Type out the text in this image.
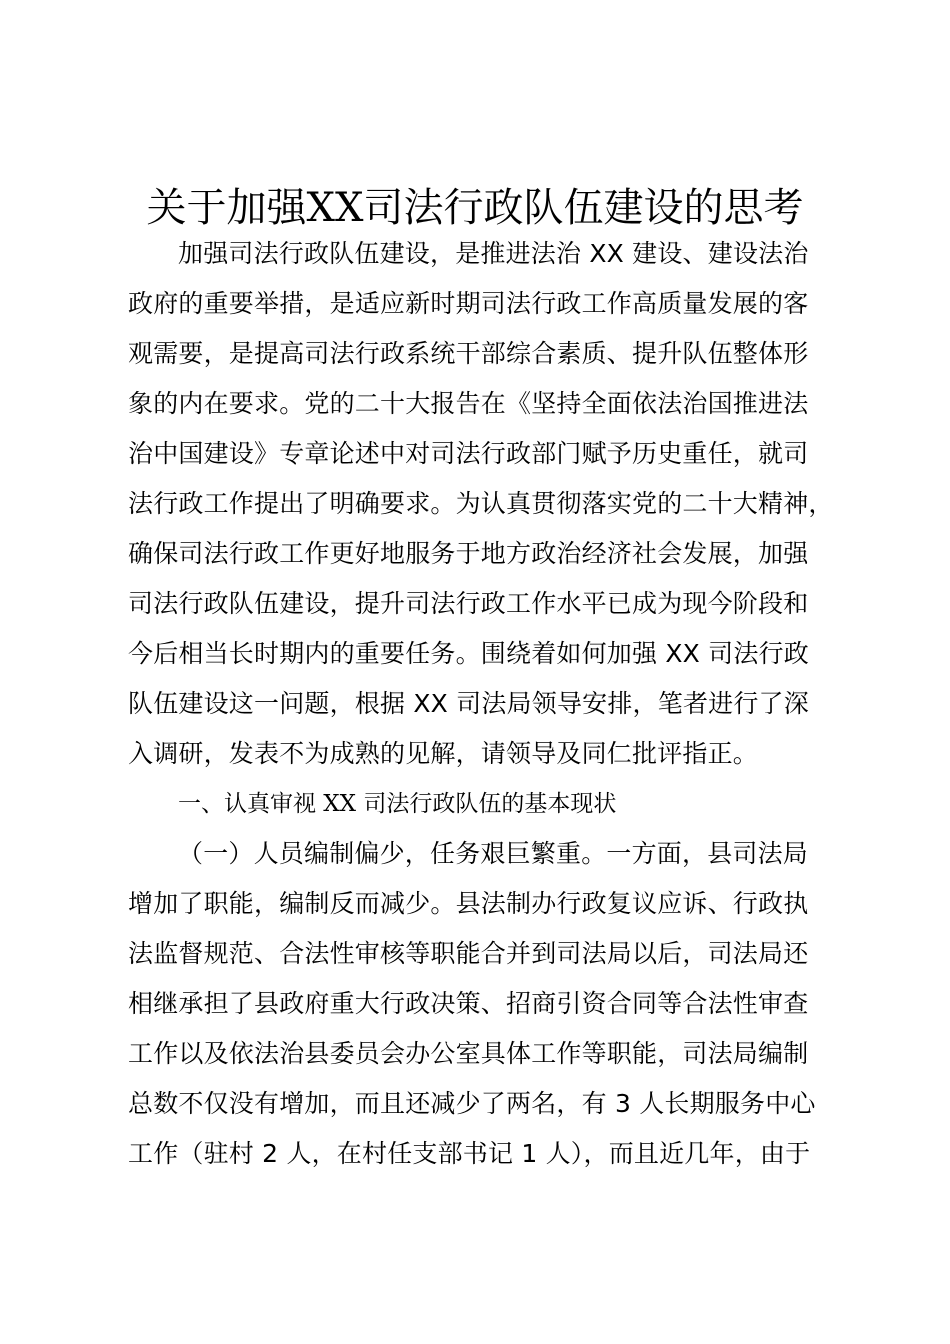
关于加强XX司法行政队伍建设的思考

加强司法行政队伍建设，是推进法治 XX 建设、建设法治

政府的重要举措，是适应新时期司法行政工作高质量发展的客

观需要，是提高司法行政系统干部综合素质、提升队伍整体形

象的内在要求。党的二十大报告在《坚持全面依法治国推进法

治中国建设》专章论述中对司法行政部门赋予历史重任，就司

法行政工作提出了明确要求。为认真贯彻落实党的二十大精神，

确保司法行政工作更好地服务于地方政治经济社会发展，加强

司法行政队伍建设，提升司法行政工作水平已成为现今阶段和

今后相当长时期内的重要任务。围绕着如何加强 XX 司法行政

队伍建设这一问题，根据 XX 司法局领导安排，笔者进行了深

入调研，发表不为成熟的见解，请领导及同仁批评指正。

一、认真审视 XX 司法行政队伍的基本现状

（一）人员编制偏少，任务艰巨繁重。一方面，县司法局

增加了职能，编制反而减少。县法制办行政复议应诉、行政执

法监督规范、合法性审核等职能合并到司法局以后，司法局还

相继承担了县政府重大行政决策、招商引资合同等合法性审查

工作以及依法治县委员会办公室具体工作等职能，司法局编制

总数不仅没有增加，而且还减少了两名，有 3 人长期服务中心

工作（驻村 2 人，在村任支部书记 1 人），而且近几年，由于
